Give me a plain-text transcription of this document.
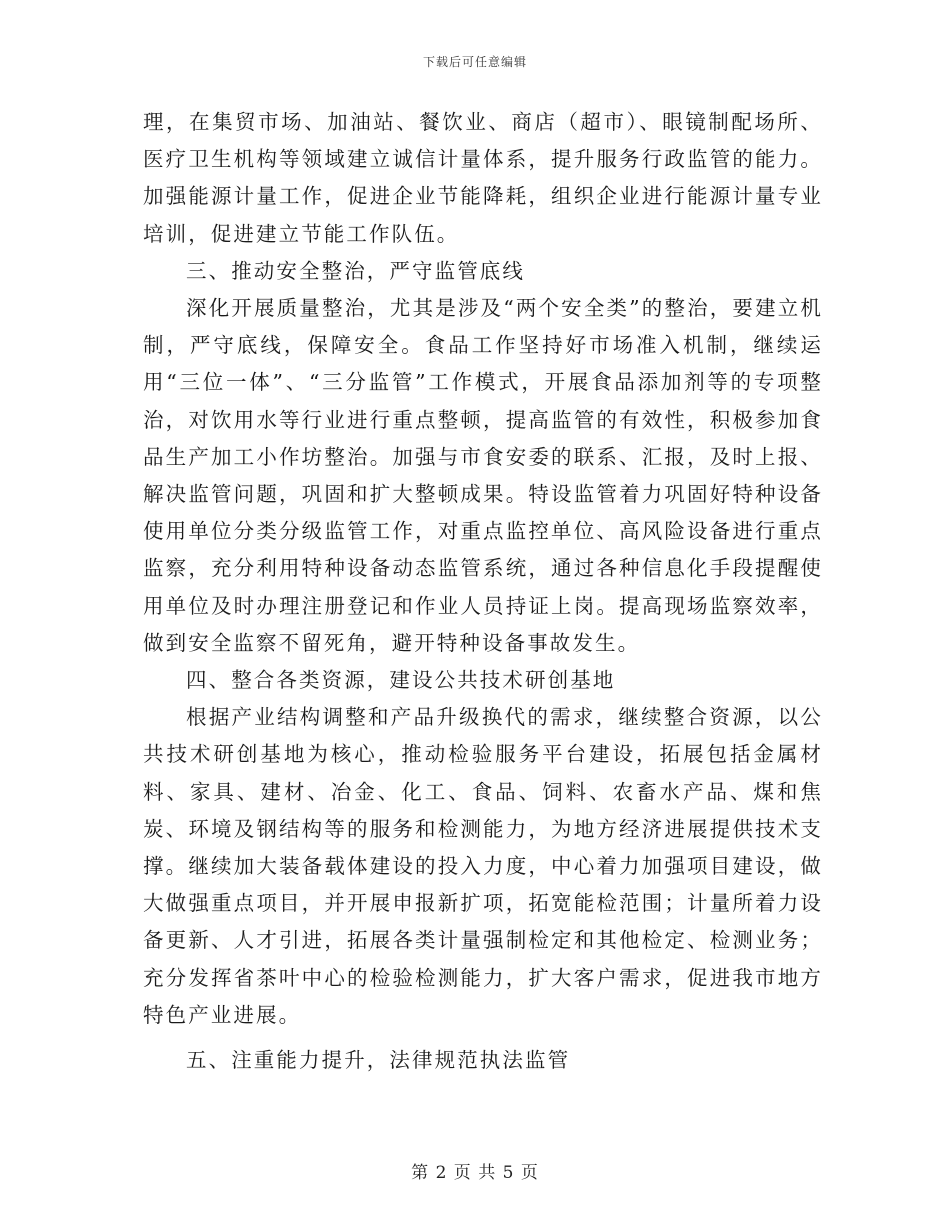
下载后可任意编辑

理，在集贸市场、加油站、餐饮业、商店（超市）、眼镜制配场所、医疗卫生机构等领域建立诚信计量体系，提升服务行政监管的能力。加强能源计量工作，促进企业节能降耗，组织企业进行能源计量专业培训，促进建立节能工作队伍。

三、推动安全整治，严守监管底线

深化开展质量整治，尤其是涉及“两个安全类”的整治，要建立机制，严守底线，保障安全。食品工作坚持好市场准入机制，继续运用“三位一体”、“三分监管”工作模式，开展食品添加剂等的专项整治，对饮用水等行业进行重点整顿，提高监管的有效性，积极参加食品生产加工小作坊整治。加强与市食安委的联系、汇报，及时上报、解决监管问题，巩固和扩大整顿成果。特设监管着力巩固好特种设备使用单位分类分级监管工作，对重点监控单位、高风险设备进行重点监察，充分利用特种设备动态监管系统，通过各种信息化手段提醒使用单位及时办理注册登记和作业人员持证上岗。提高现场监察效率，做到安全监察不留死角，避开特种设备事故发生。

四、整合各类资源，建设公共技术研创基地

根据产业结构调整和产品升级换代的需求，继续整合资源，以公共技术研创基地为核心，推动检验服务平台建设，拓展包括金属材料、家具、建材、冶金、化工、食品、饲料、农畜水产品、煤和焦炭、环境及钢结构等的服务和检测能力，为地方经济进展提供技术支撑。继续加大装备载体建设的投入力度，中心着力加强项目建设，做大做强重点项目，并开展申报新扩项，拓宽能检范围；计量所着力设备更新、人才引进，拓展各类计量强制检定和其他检定、检测业务；充分发挥省茶叶中心的检验检测能力，扩大客户需求，促进我市地方特色产业进展。

五、注重能力提升，法律规范执法监管

第 2 页 共 5 页
